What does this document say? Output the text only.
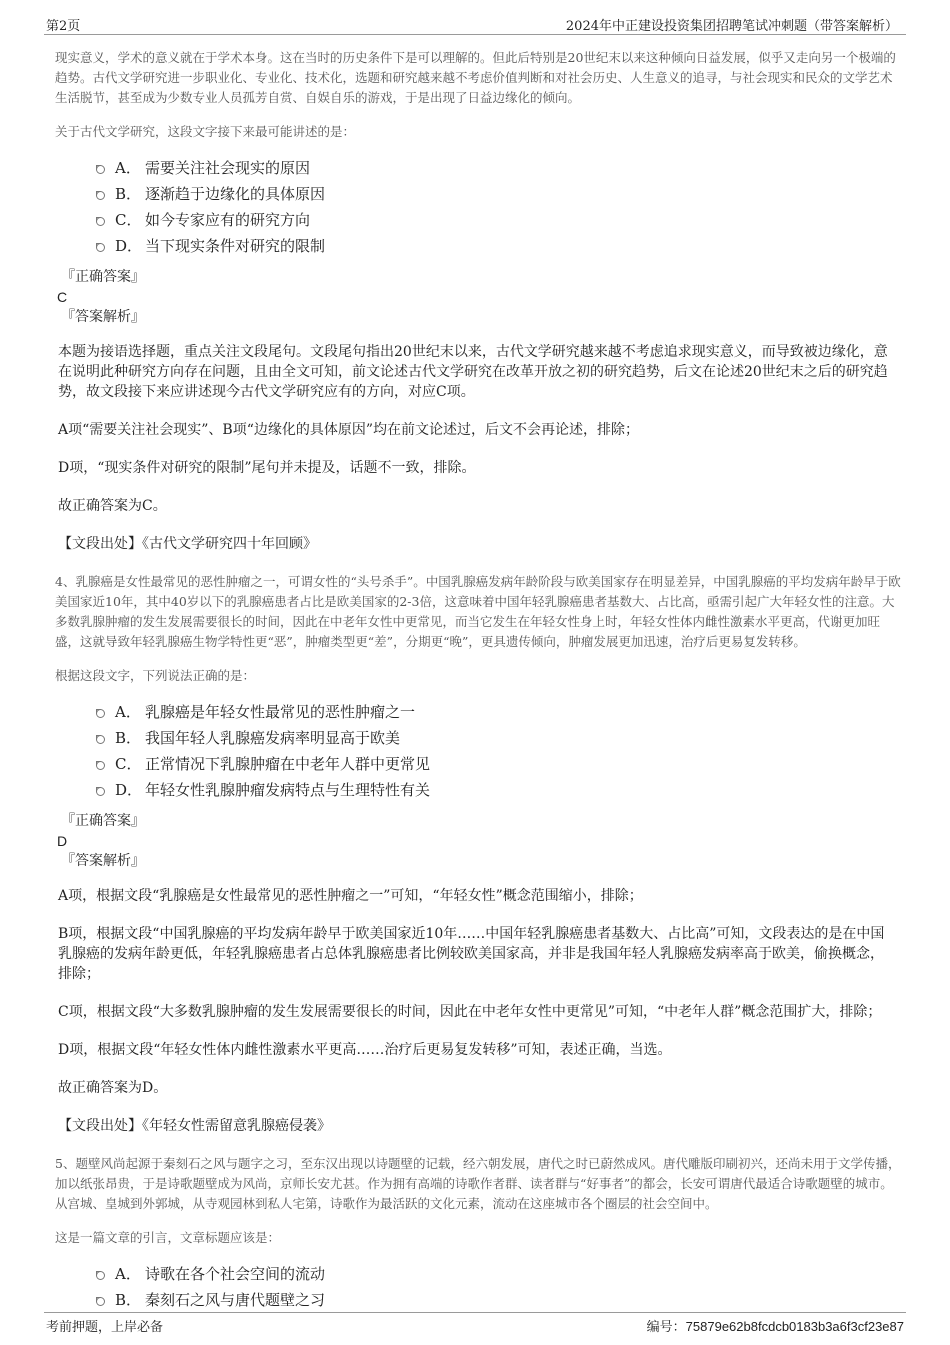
第2页	2024年中正建设投资集团招聘笔试冲刺题（带答案解析）

现实意义，学术的意义就在于学术本身。这在当时的历史条件下是可以理解的。但此后特别是20世纪末以来这种倾向日益发展，似乎又走向另一个极端的趋势。古代文学研究进一步职业化、专业化、技术化，选题和研究越来越不考虑价值判断和对社会历史、人生意义的追寻，与社会现实和民众的文学艺术生活脱节，甚至成为少数专业人员孤芳自赏、自娱自乐的游戏，于是出现了日益边缘化的倾向。

关于古代文学研究，这段文字接下来最可能讲述的是：

A． 需要关注社会现实的原因
B． 逐渐趋于边缘化的具体原因
C． 如今专家应有的研究方向
D． 当下现实条件对研究的限制
『正确答案』
C
『答案解析』

本题为接语选择题，重点关注文段尾句。文段尾句指出20世纪末以来，古代文学研究越来越不考虑追求现实意义，而导致被边缘化，意在说明此种研究方向存在问题，且由全文可知，前文论述古代文学研究在改革开放之初的研究趋势，后文在论述20世纪末之后的研究趋势，故文段接下来应讲述现今古代文学研究应有的方向，对应C项。

A项“需要关注社会现实”、B项“边缘化的具体原因”均在前文论述过，后文不会再论述，排除；

D项，“现实条件对研究的限制”尾句并未提及，话题不一致，排除。

故正确答案为C。

【文段出处】《古代文学研究四十年回顾》

4、乳腺癌是女性最常见的恶性肿瘤之一，可谓女性的“头号杀手”。中国乳腺癌发病年龄阶段与欧美国家存在明显差异，中国乳腺癌的平均发病年龄早于欧美国家近10年，其中40岁以下的乳腺癌患者占比是欧美国家的2-3倍，这意味着中国年轻乳腺癌患者基数大、占比高，亟需引起广大年轻女性的注意。大多数乳腺肿瘤的发生发展需要很长的时间，因此在中老年女性中更常见，而当它发生在年轻女性身上时，年轻女性体内雌性激素水平更高，代谢更加旺盛，这就导致年轻乳腺癌生物学特性更“恶”，肿瘤类型更“差”，分期更“晚”，更具遗传倾向，肿瘤发展更加迅速，治疗后更易复发转移。

根据这段文字，下列说法正确的是：

A． 乳腺癌是年轻女性最常见的恶性肿瘤之一
B． 我国年轻人乳腺癌发病率明显高于欧美
C． 正常情况下乳腺肿瘤在中老年人群中更常见
D． 年轻女性乳腺肿瘤发病特点与生理特性有关
『正确答案』
D
『答案解析』

A项，根据文段“乳腺癌是女性最常见的恶性肿瘤之一”可知，“年轻女性”概念范围缩小，排除；

B项，根据文段“中国乳腺癌的平均发病年龄早于欧美国家近10年……中国年轻乳腺癌患者基数大、占比高”可知，文段表达的是在中国乳腺癌的发病年龄更低，年轻乳腺癌患者占总体乳腺癌患者比例较欧美国家高，并非是我国年轻人乳腺癌发病率高于欧美，偷换概念，排除；

C项，根据文段“大多数乳腺肿瘤的发生发展需要很长的时间，因此在中老年女性中更常见”可知，“中老年人群”概念范围扩大，排除；

D项，根据文段“年轻女性体内雌性激素水平更高……治疗后更易复发转移”可知，表述正确，当选。

故正确答案为D。

【文段出处】《年轻女性需留意乳腺癌侵袭》

5、题壁风尚起源于秦刻石之风与题字之习，至东汉出现以诗题壁的记载，经六朝发展，唐代之时已蔚然成风。唐代雕版印刷初兴，还尚未用于文学传播，加以纸张昂贵，于是诗歌题壁成为风尚，京师长安尤甚。作为拥有高端的诗歌作者群、读者群与“好事者”的都会，长安可谓唐代最适合诗歌题壁的城市。从宫城、皇城到外郭城，从寺观园林到私人宅第，诗歌作为最活跃的文化元素，流动在这座城市各个圈层的社会空间中。

这是一篇文章的引言，文章标题应该是：

A． 诗歌在各个社会空间的流动
B． 秦刻石之风与唐代题壁之习
考前押题，上岸必备	编号：75879e62b8fcdcb0183b3a6f3cf23e87
